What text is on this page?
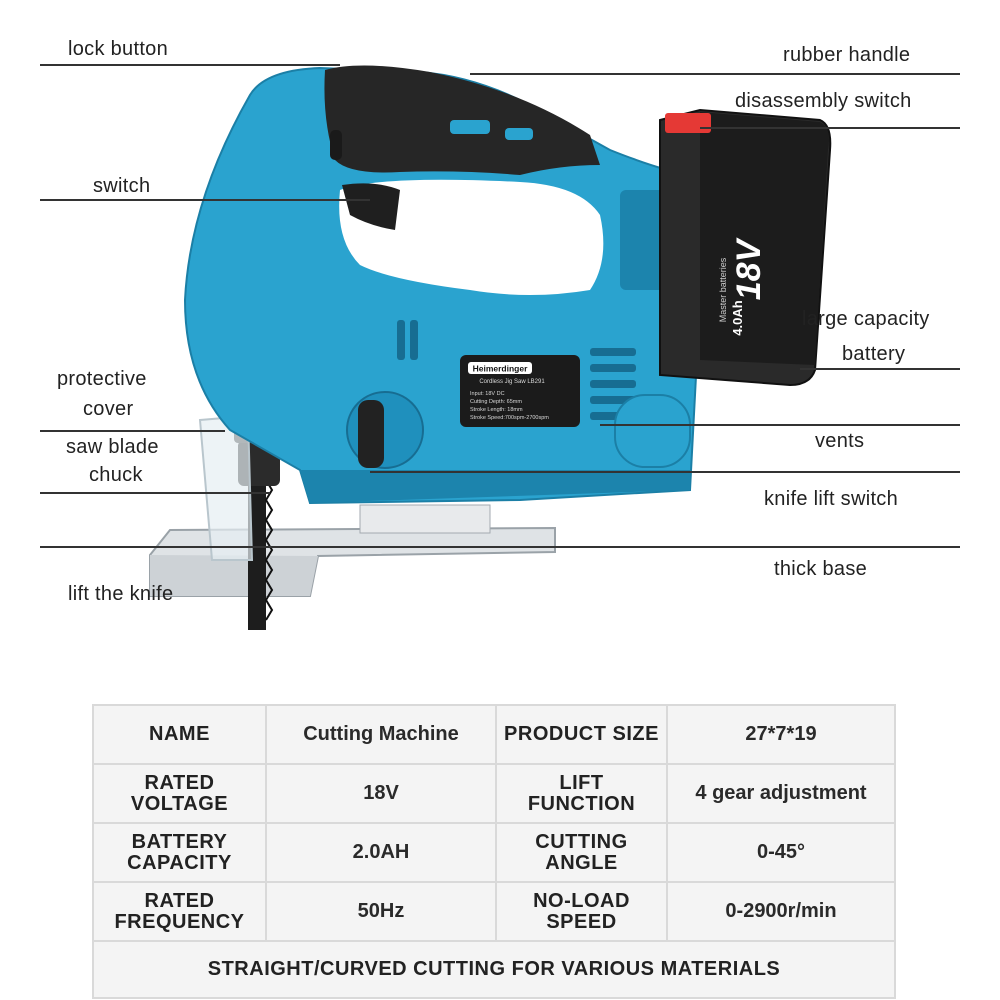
Heimerdinger
Cordless Jig Saw LB291
Input: 18V DC
Cutting Depth: 65mm
Stroke Length: 18mm
Stroke Speed:700spm-2700spm
18V
4.0Ah
Master batteries
lock button	rubber handle
disassembly switch
switch
large capacity
battery
protective
cover
saw blade
chuck
vents
knife lift switch
thick base
lift the knife
NAME	Cutting Machine	PRODUCT SIZE	27*7*19
RATED VOLTAGE	18V	LIFT FUNCTION	4 gear adjustment
BATTERY CAPACITY	2.0AH	CUTTING ANGLE	0-45°
RATED FREQUENCY	50Hz	NO-LOAD SPEED	0-2900r/min
STRAIGHT/CURVED CUTTING FOR VARIOUS MATERIALS			
